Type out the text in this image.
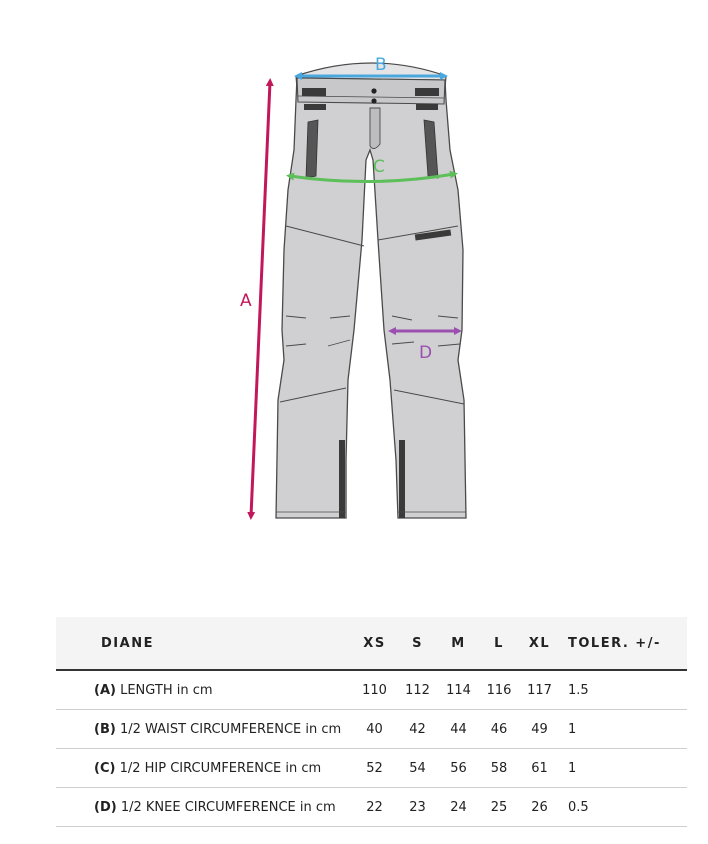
A
B
C
D
DIANE	XS	S	M	L	XL	TOLER. +/-
(A) LENGTH in cm	110	112	114	116	117	1.5
(B) 1/2 WAIST CIRCUMFERENCE in cm	40	42	44	46	49	1
(C) 1/2 HIP CIRCUMFERENCE in cm	52	54	56	58	61	1
(D) 1/2 KNEE CIRCUMFERENCE in cm	22	23	24	25	26	0.5
